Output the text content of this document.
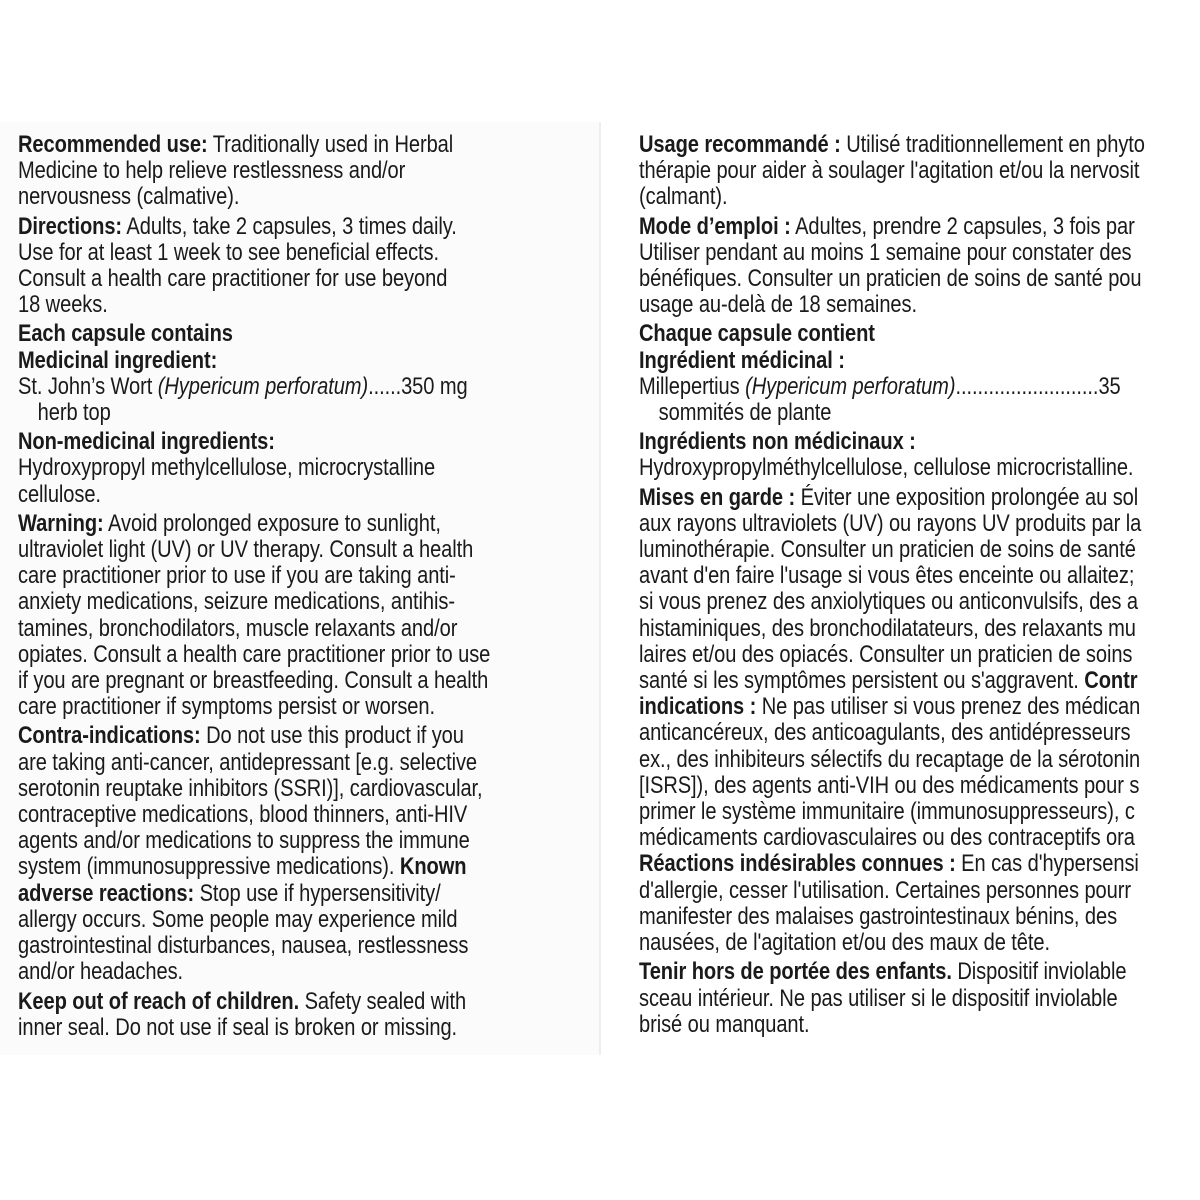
Recommended use: Traditionally used in Herbal
Medicine to help relieve restlessness and/or
nervousness (calmative).

Directions: Adults, take 2 capsules, 3 times daily.
Use for at least 1 week to see beneficial effects.
Consult a health care practitioner for use beyond
18 weeks.

Each capsule contains
Medicinal ingredient:

St. John’s Wort (Hypericum perforatum)......350 mg
herb top

Non-medicinal ingredients:
Hydroxypropyl methylcellulose, microcrystalline
cellulose.

Warning: Avoid prolonged exposure to sunlight,
ultraviolet light (UV) or UV therapy. Consult a health
care practitioner prior to use if you are taking anti-
anxiety medications, seizure medications, antihis-
tamines, bronchodilators, muscle relaxants and/or
opiates. Consult a health care practitioner prior to use
if you are pregnant or breastfeeding. Consult a health
care practitioner if symptoms persist or worsen.

Contra-indications: Do not use this product if you
are taking anti-cancer, antidepressant [e.g. selective
serotonin reuptake inhibitors (SSRI)], cardiovascular,
contraceptive medications, blood thinners, anti-HIV
agents and/or medications to suppress the immune
system (immunosuppressive medications). Known
adverse reactions: Stop use if hypersensitivity/
allergy occurs. Some people may experience mild
gastrointestinal disturbances, nausea, restlessness
and/or headaches.

Keep out of reach of children. Safety sealed with
inner seal. Do not use if seal is broken or missing.

Usage recommandé : Utilisé traditionnellement en phyto
thérapie pour aider à soulager l'agitation et/ou la nervosit
(calmant).

Mode d’emploi : Adultes, prendre 2 capsules, 3 fois par
Utiliser pendant au moins 1 semaine pour constater des
bénéfiques. Consulter un praticien de soins de santé pou
usage au-delà de 18 semaines.

Chaque capsule contient
Ingrédient médicinal :

Millepertius (Hypericum perforatum)..........................35
sommités de plante

Ingrédients non médicinaux :
Hydroxypropylméthylcellulose, cellulose microcristalline.

Mises en garde : Éviter une exposition prolongée au sol
aux rayons ultraviolets (UV) ou rayons UV produits par la
luminothérapie. Consulter un praticien de soins de santé
avant d'en faire l'usage si vous êtes enceinte ou allaitez;
si vous prenez des anxiolytiques ou anticonvulsifs, des a
histaminiques, des bronchodilatateurs, des relaxants mu
laires et/ou des opiacés. Consulter un praticien de soins
santé si les symptômes persistent ou s'aggravent. Contr
indications : Ne pas utiliser si vous prenez des médican
anticancéreux, des anticoagulants, des antidépresseurs
ex., des inhibiteurs sélectifs du recaptage de la sérotonin
[ISRS]), des agents anti-VIH ou des médicaments pour s
primer le système immunitaire (immunosuppresseurs), c
médicaments cardiovasculaires ou des contraceptifs ora
Réactions indésirables connues : En cas d'hypersensi
d'allergie, cesser l'utilisation. Certaines personnes pourr
manifester des malaises gastrointestinaux bénins, des
nausées, de l'agitation et/ou des maux de tête.

Tenir hors de portée des enfants. Dispositif inviolable
sceau intérieur. Ne pas utiliser si le dispositif inviolable
brisé ou manquant.
